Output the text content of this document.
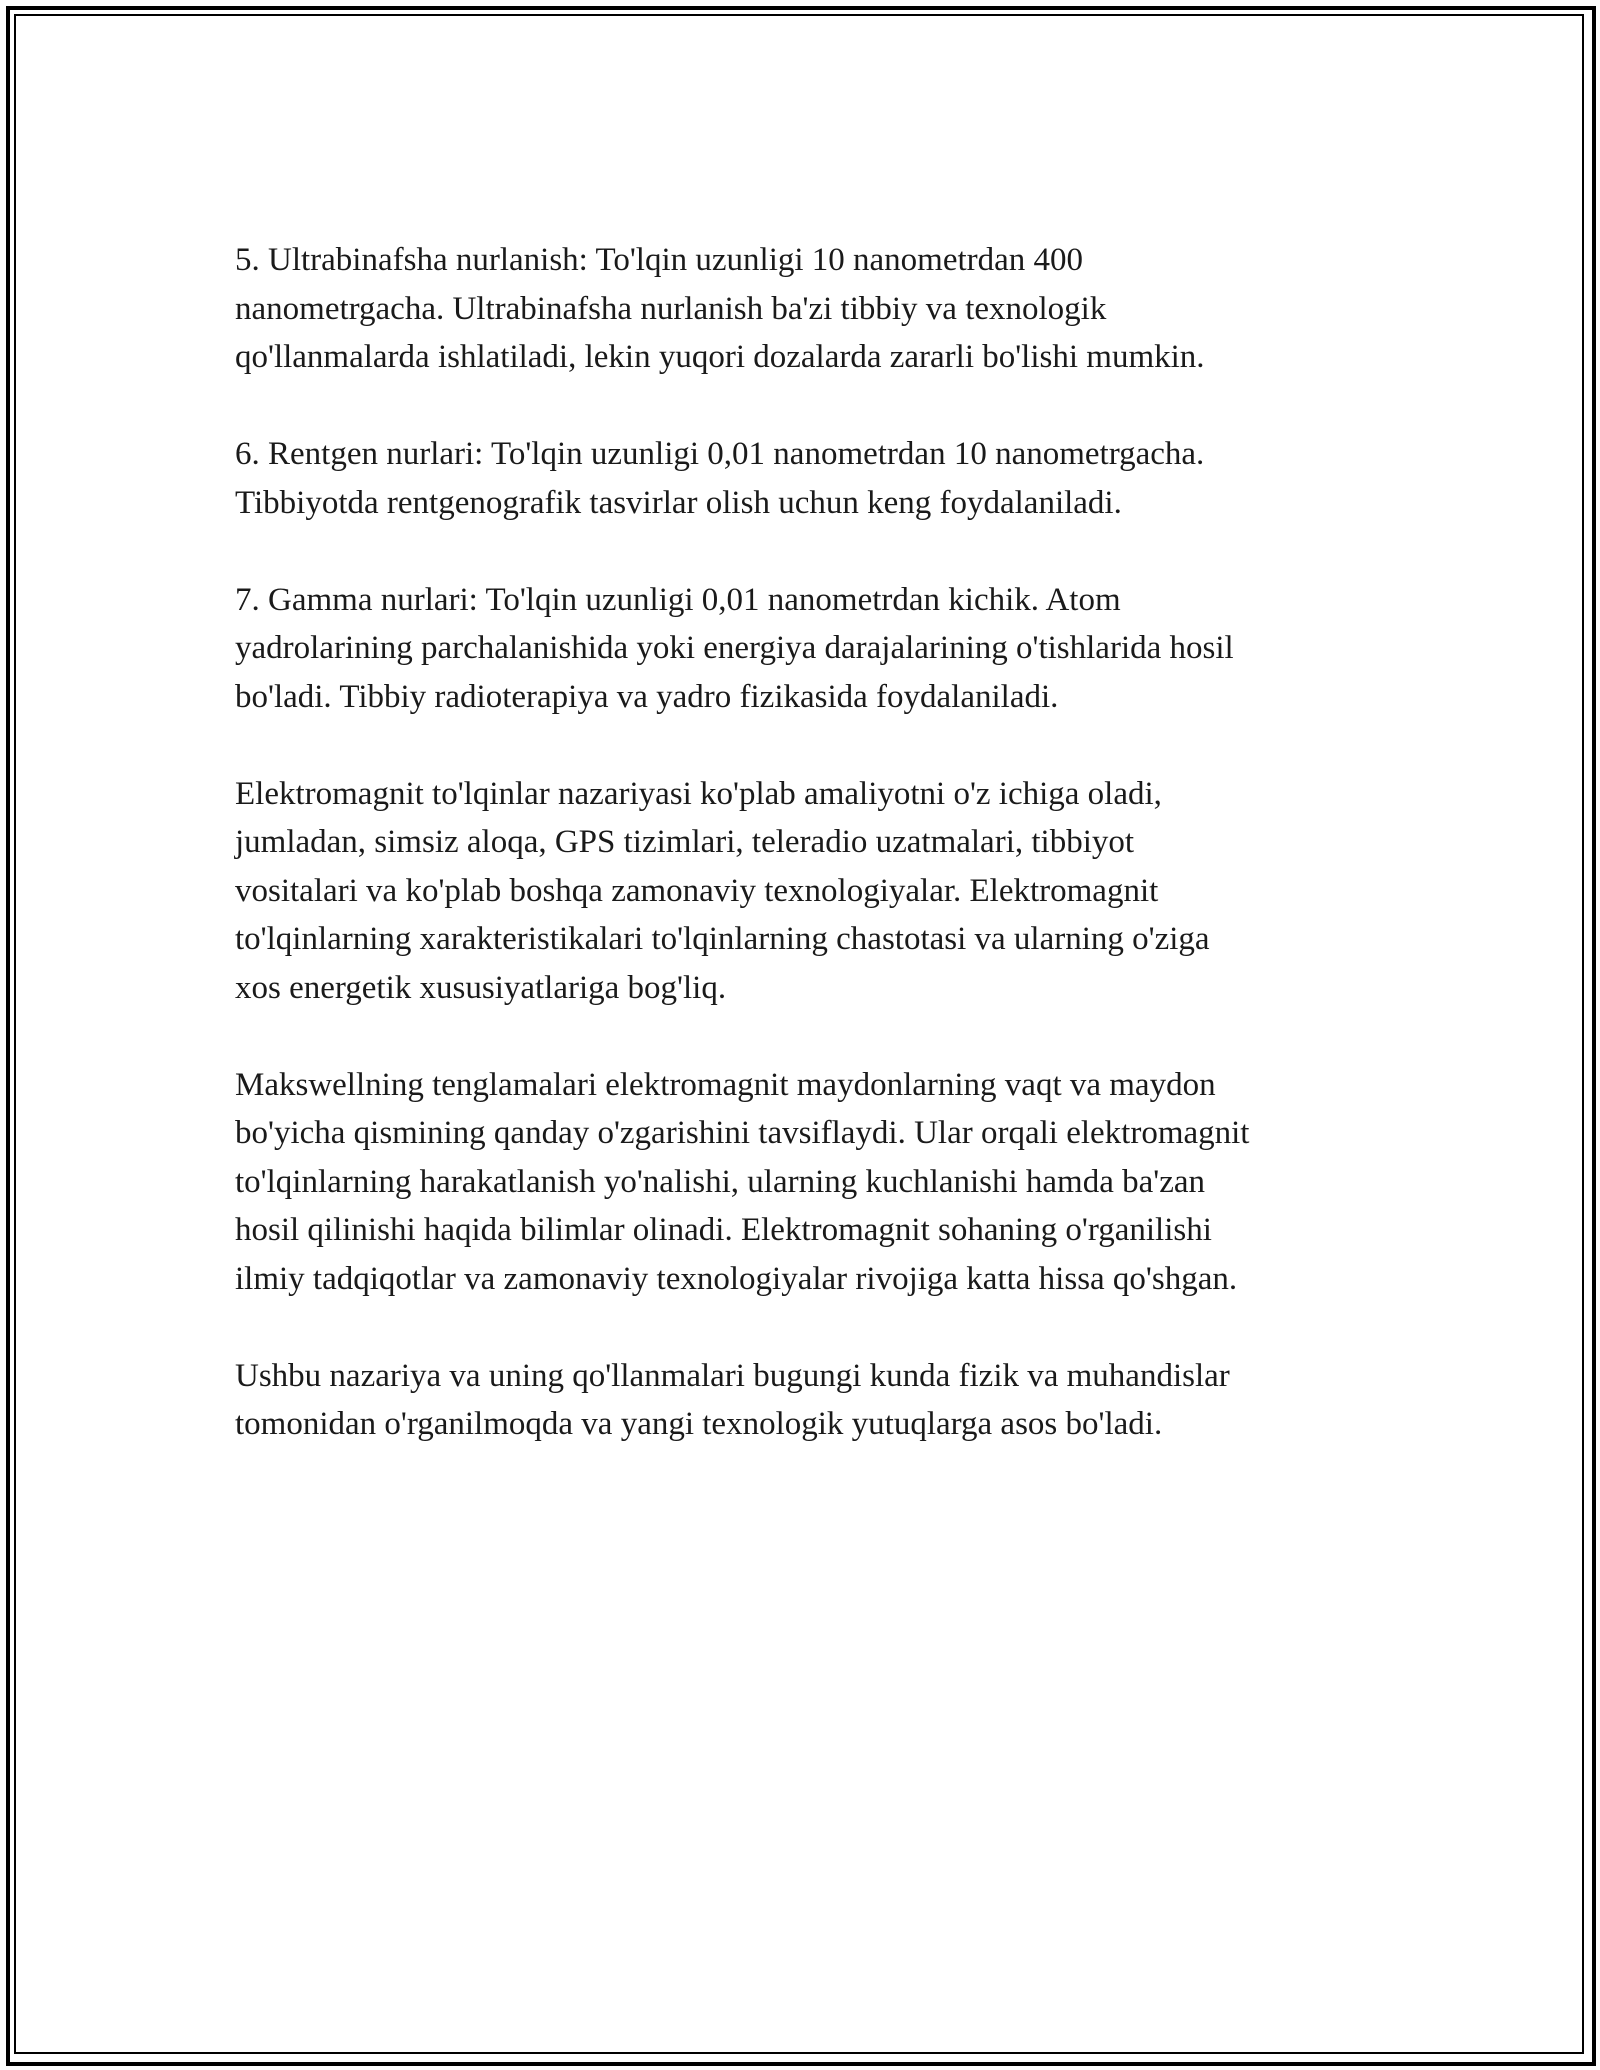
5. Ultrabinafsha nurlanish: To'lqin uzunligi 10 nanometrdan 400
nanometrgacha. Ultrabinafsha nurlanish ba'zi tibbiy va texnologik
qo'llanmalarda ishlatiladi, lekin yuqori dozalarda zararli bo'lishi mumkin.

6. Rentgen nurlari: To'lqin uzunligi 0,01 nanometrdan 10 nanometrgacha.
Tibbiyotda rentgenografik tasvirlar olish uchun keng foydalaniladi.

7. Gamma nurlari: To'lqin uzunligi 0,01 nanometrdan kichik. Atom
yadrolarining parchalanishida yoki energiya darajalarining o'tishlarida hosil
bo'ladi. Tibbiy radioterapiya va yadro fizikasida foydalaniladi.

Elektromagnit to'lqinlar nazariyasi ko'plab amaliyotni o'z ichiga oladi,
jumladan, simsiz aloqa, GPS tizimlari, teleradio uzatmalari, tibbiyot
vositalari va ko'plab boshqa zamonaviy texnologiyalar. Elektromagnit
to'lqinlarning xarakteristikalari to'lqinlarning chastotasi va ularning o'ziga
xos energetik xususiyatlariga bog'liq.

Makswellning tenglamalari elektromagnit maydonlarning vaqt va maydon
bo'yicha qismining qanday o'zgarishini tavsiflaydi. Ular orqali elektromagnit
to'lqinlarning harakatlanish yo'nalishi, ularning kuchlanishi hamda ba'zan
hosil qilinishi haqida bilimlar olinadi. Elektromagnit sohaning o'rganilishi
ilmiy tadqiqotlar va zamonaviy texnologiyalar rivojiga katta hissa qo'shgan.

Ushbu nazariya va uning qo'llanmalari bugungi kunda fizik va muhandislar
tomonidan o'rganilmoqda va yangi texnologik yutuqlarga asos bo'ladi.
